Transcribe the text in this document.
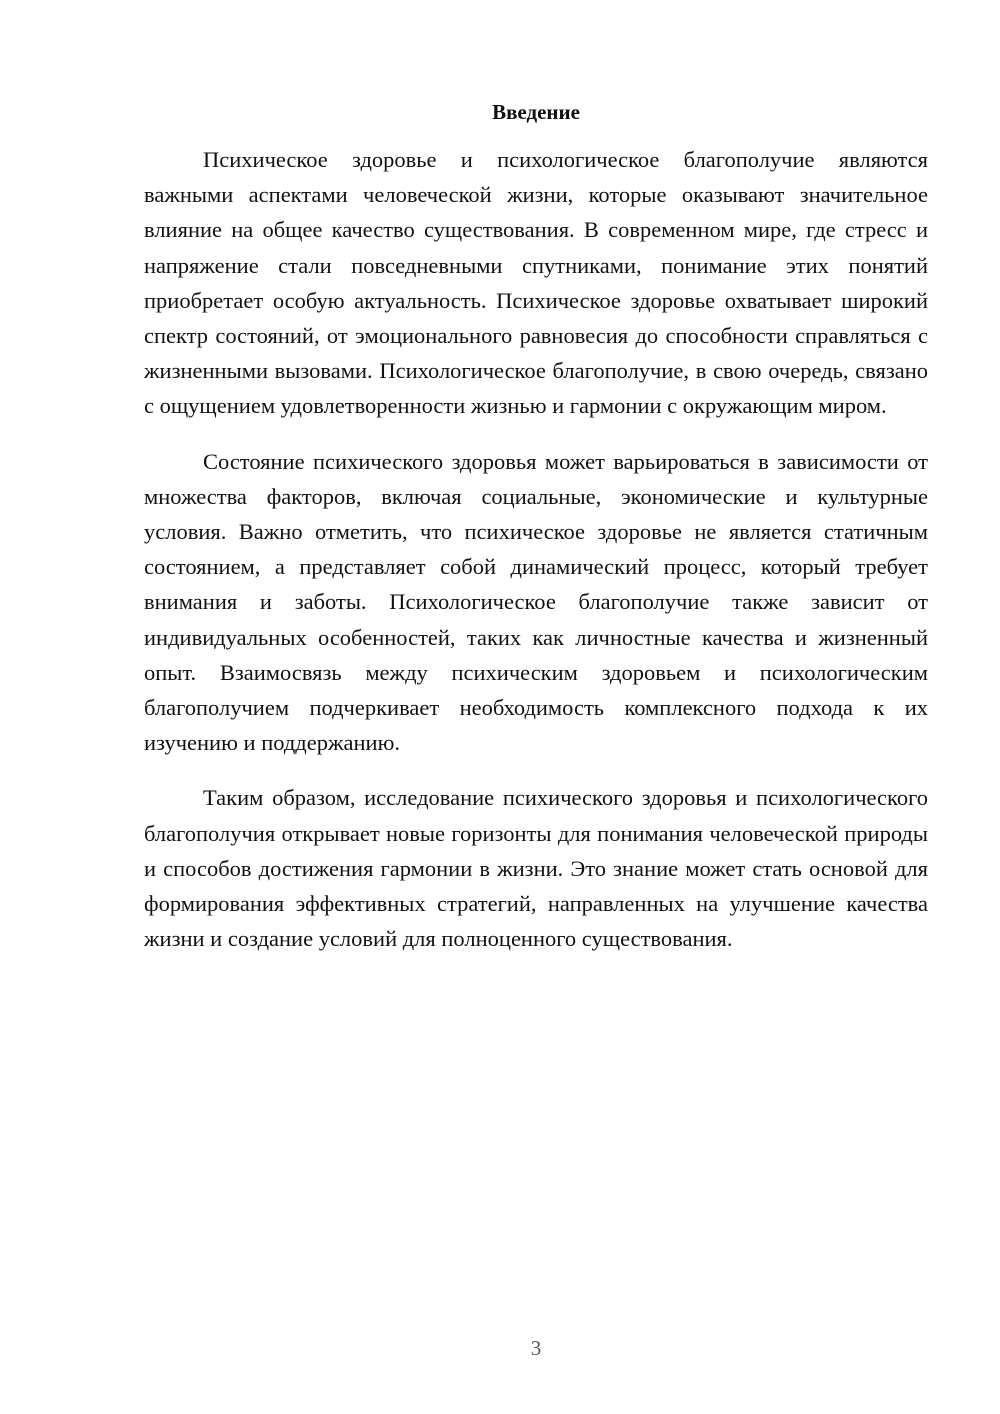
Введение

Психическое здоровье и психологическое благополучие являются важными аспектами человеческой жизни, которые оказывают значительное влияние на общее качество существования. В современном мире, где стресс и напряжение стали повседневными спутниками, понимание этих понятий приобретает особую актуальность. Психическое здоровье охватывает широкий спектр состояний, от эмоционального равновесия до способности справляться с жизненными вызовами. Психологическое благополучие, в свою очередь, связано с ощущением удовлетворенности жизнью и гармонии с окружающим миром.

Состояние психического здоровья может варьироваться в зависимости от множества факторов, включая социальные, экономические и культурные условия. Важно отметить, что психическое здоровье не является статичным состоянием, а представляет собой динамический процесс, который требует внимания и заботы. Психологическое благополучие также зависит от индивидуальных особенностей, таких как личностные качества и жизненный опыт. Взаимосвязь между психическим здоровьем и психологическим благополучием подчеркивает необходимость комплексного подхода к их изучению и поддержанию.

Таким образом, исследование психического здоровья и психологического благополучия открывает новые горизонты для понимания человеческой природы и способов достижения гармонии в жизни. Это знание может стать основой для формирования эффективных стратегий, направленных на улучшение качества жизни и создание условий для полноценного существования.

3
